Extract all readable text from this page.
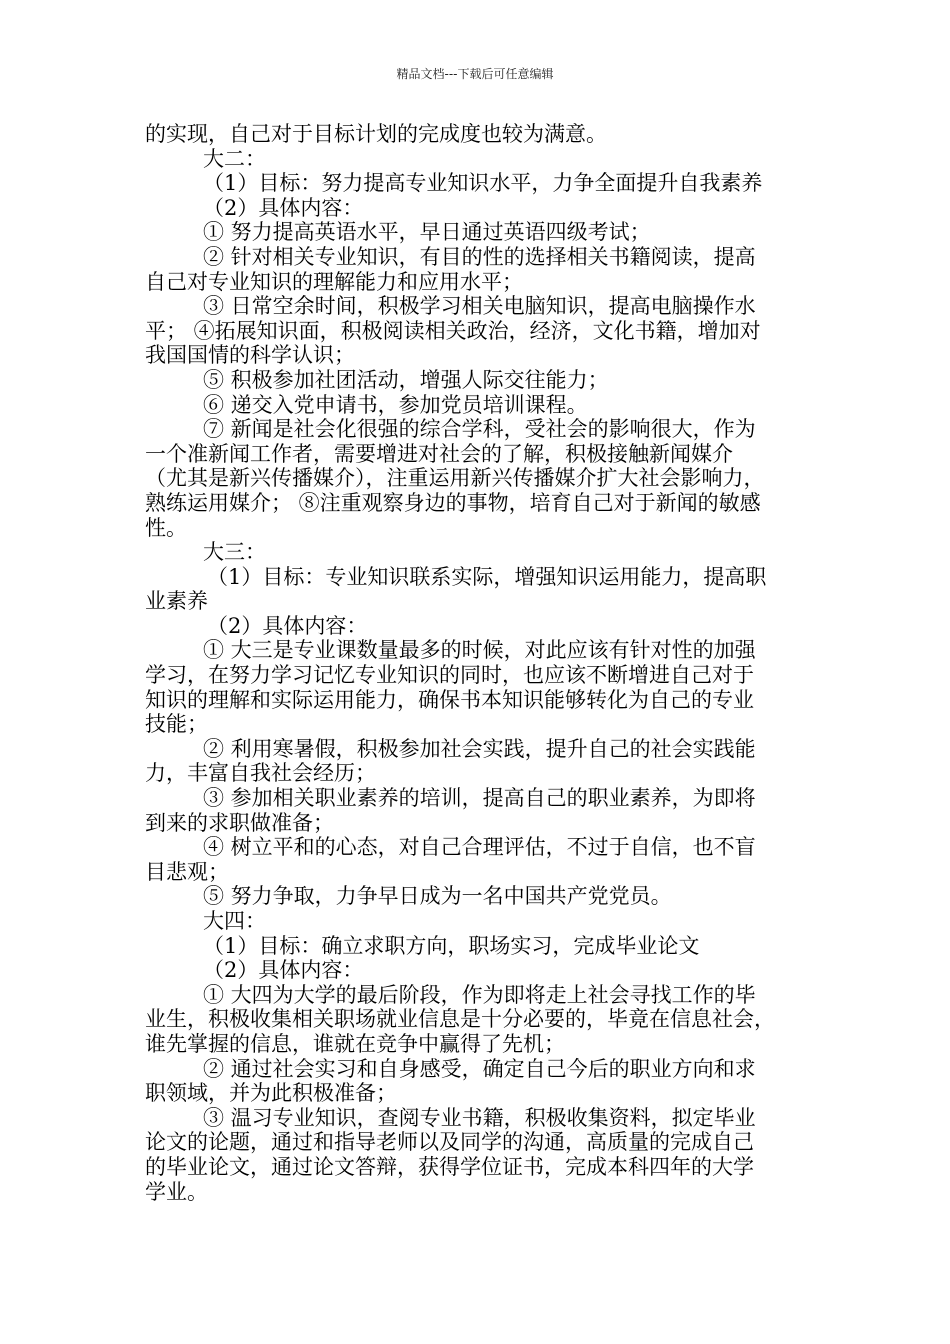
精品文档---下载后可任意编辑

的实现，自己对于目标计划的完成度也较为满意。

大二：

（1）目标：努力提高专业知识水平，力争全面提升自我素养

（2）具体内容：

① 努力提高英语水平，早日通过英语四级考试；

② 针对相关专业知识，有目的性的选择相关书籍阅读，提高

自己对专业知识的理解能力和应用水平；

③ 日常空余时间，积极学习相关电脑知识，提高电脑操作水

平； ④拓展知识面，积极阅读相关政治，经济，文化书籍，增加对

我国国情的科学认识；

⑤ 积极参加社团活动，增强人际交往能力；

⑥ 递交入党申请书，参加党员培训课程。

⑦ 新闻是社会化很强的综合学科，受社会的影响很大，作为

一个准新闻工作者，需要增进对社会的了解，积极接触新闻媒介

（尤其是新兴传播媒介），注重运用新兴传播媒介扩大社会影响力，

熟练运用媒介； ⑧注重观察身边的事物，培育自己对于新闻的敏感

性。

大三：

（1）目标：专业知识联系实际，增强知识运用能力，提高职

业素养

（2）具体内容：

① 大三是专业课数量最多的时候，对此应该有针对性的加强

学习，在努力学习记忆专业知识的同时，也应该不断增进自己对于

知识的理解和实际运用能力，确保书本知识能够转化为自己的专业

技能；

② 利用寒暑假，积极参加社会实践，提升自己的社会实践能

力，丰富自我社会经历；

③ 参加相关职业素养的培训，提高自己的职业素养，为即将

到来的求职做准备；

④ 树立平和的心态，对自己合理评估，不过于自信，也不盲

目悲观；

⑤ 努力争取，力争早日成为一名中国共产党党员。

大四：

（1）目标：确立求职方向，职场实习，完成毕业论文

（2）具体内容：

① 大四为大学的最后阶段，作为即将走上社会寻找工作的毕

业生，积极收集相关职场就业信息是十分必要的，毕竟在信息社会，

谁先掌握的信息，谁就在竞争中赢得了先机；

② 通过社会实习和自身感受，确定自己今后的职业方向和求

职领域，并为此积极准备；

③ 温习专业知识，查阅专业书籍，积极收集资料，拟定毕业

论文的论题，通过和指导老师以及同学的沟通，高质量的完成自己

的毕业论文，通过论文答辩，获得学位证书，完成本科四年的大学

学业。
